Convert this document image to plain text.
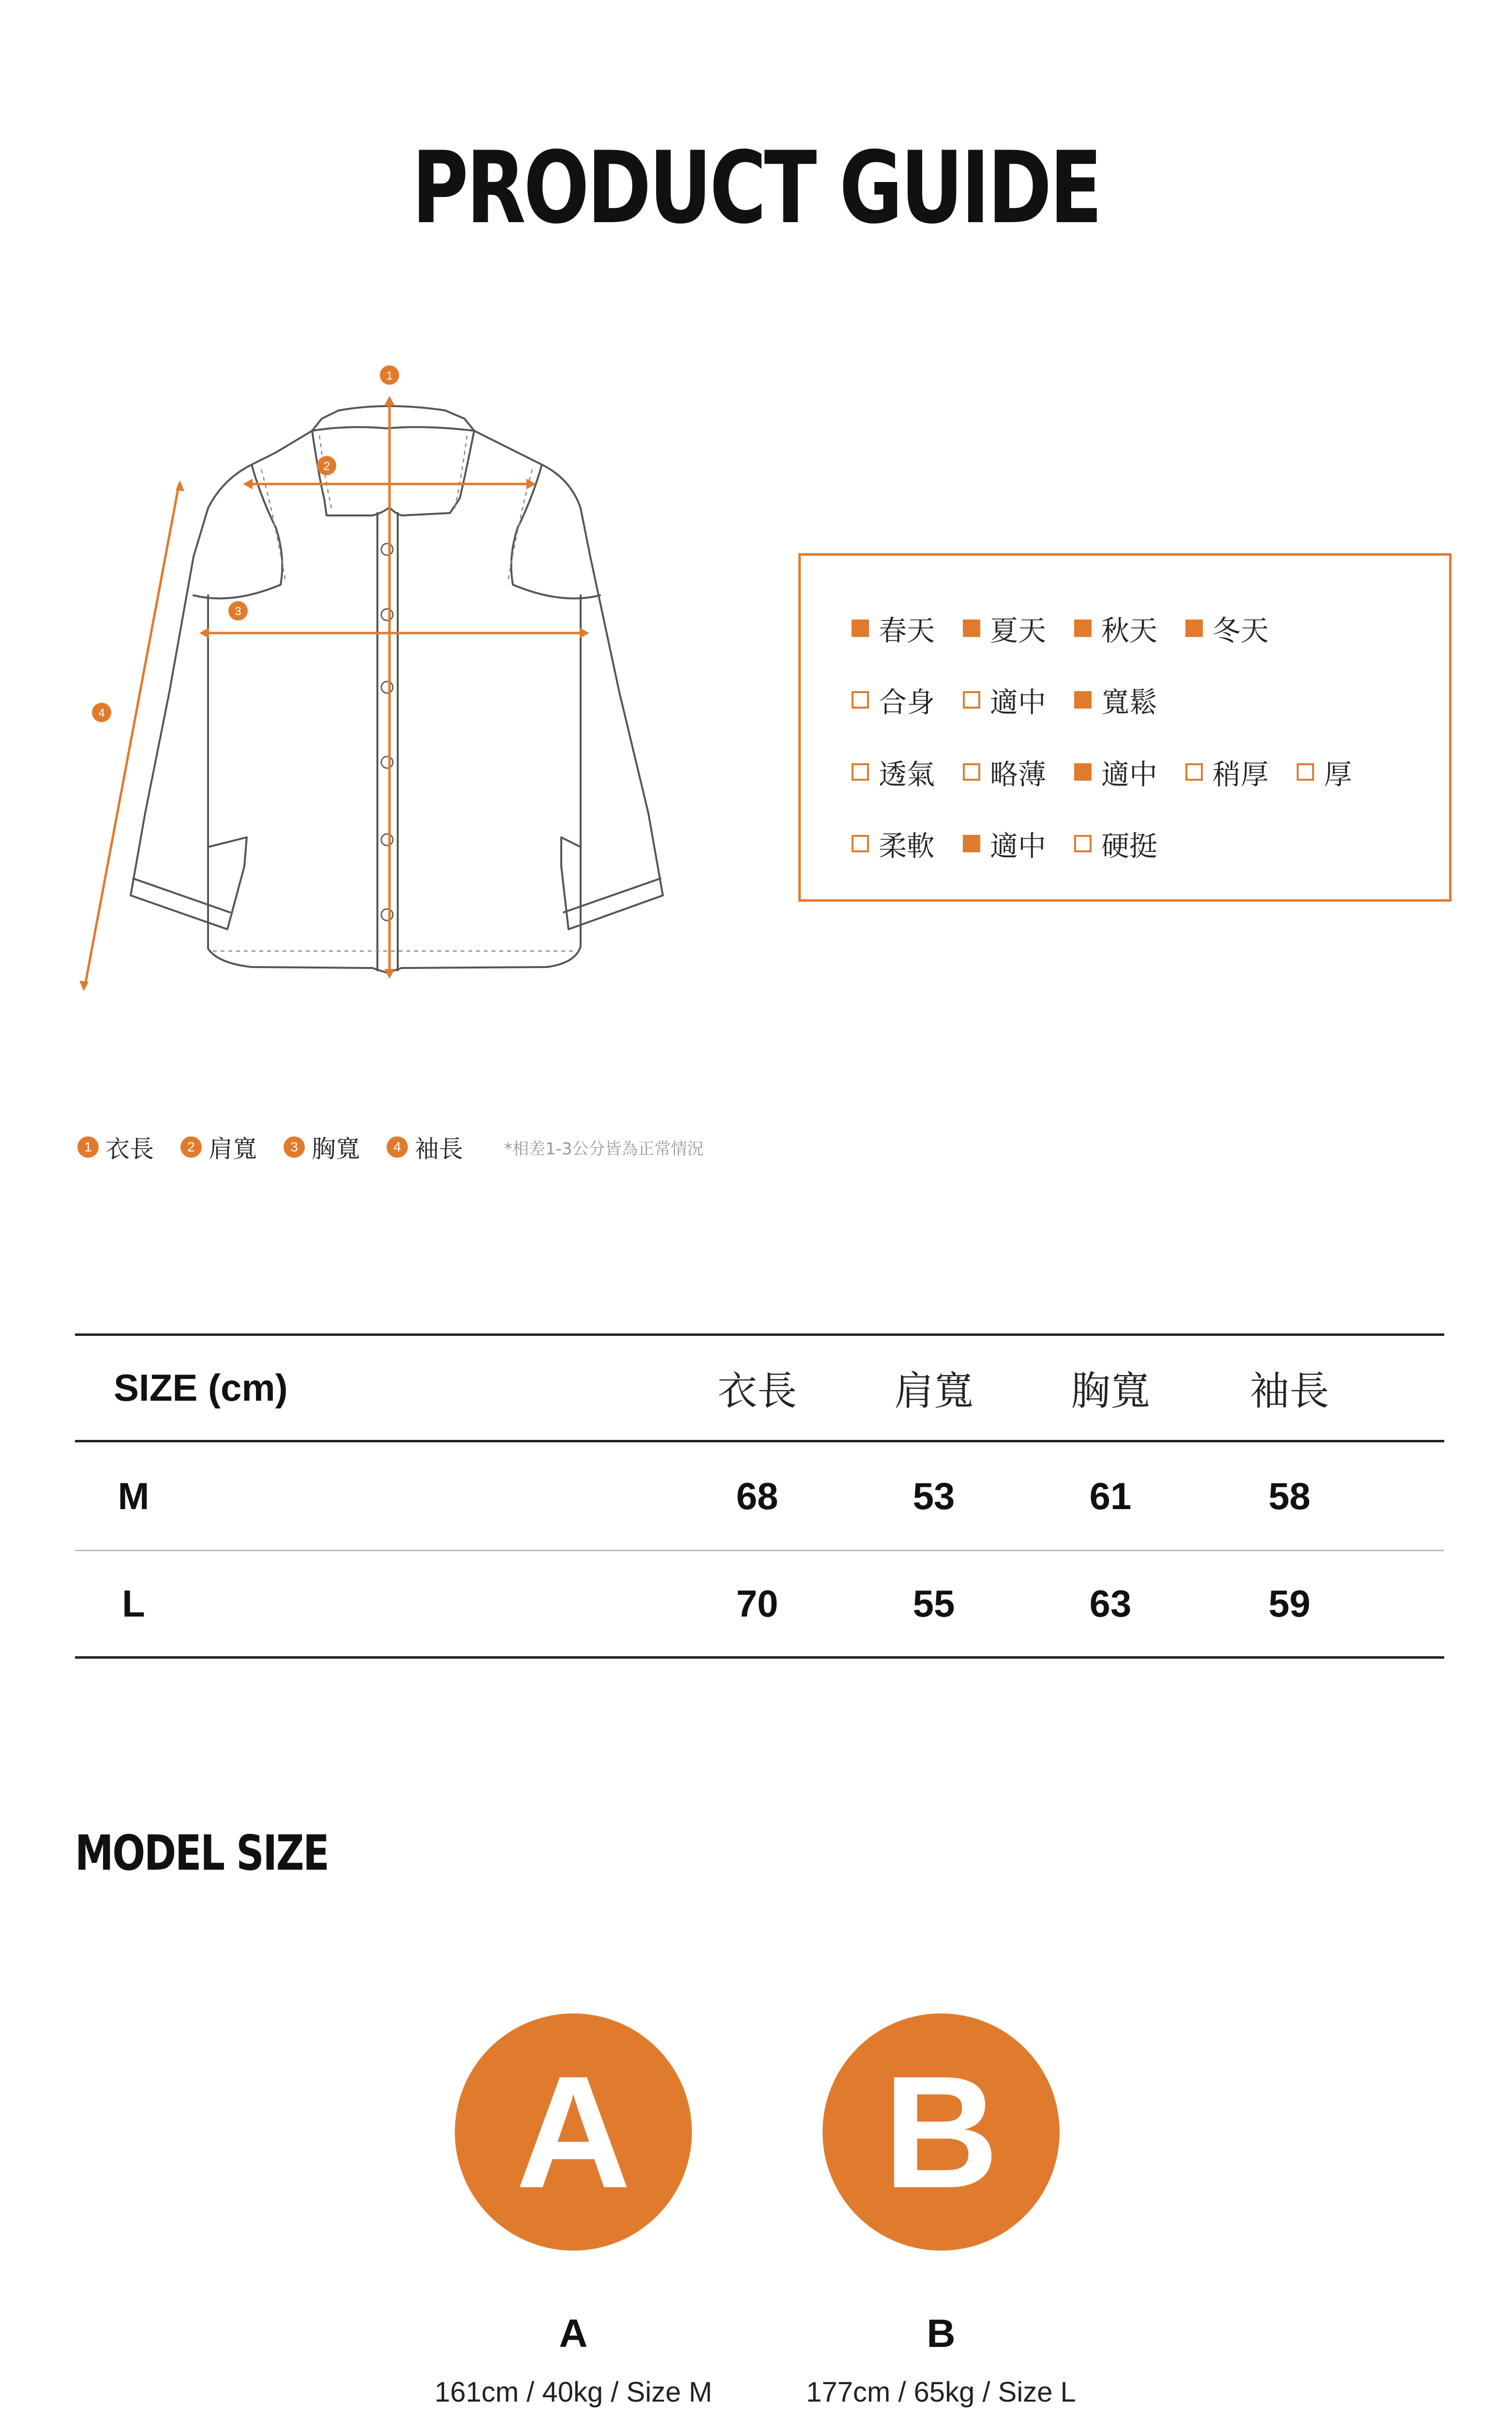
PRODUCT GUIDE
1
2
3
4
1 衣長	2 肩寬	3 胸寬	4 袖長	*相差1-3公分皆為正常情況
春天 夏天 秋天 冬天
合身 適中 寬鬆
透氣 略薄 適中 稍厚 厚
柔軟 適中 硬挺
SIZE (cm)	衣長	肩寬	胸寬	袖長
M	68	53	61	58
L	70	55	63	59
MODEL SIZE
A
A
161cm / 40kg / Size M
B
B
177cm / 65kg / Size L
